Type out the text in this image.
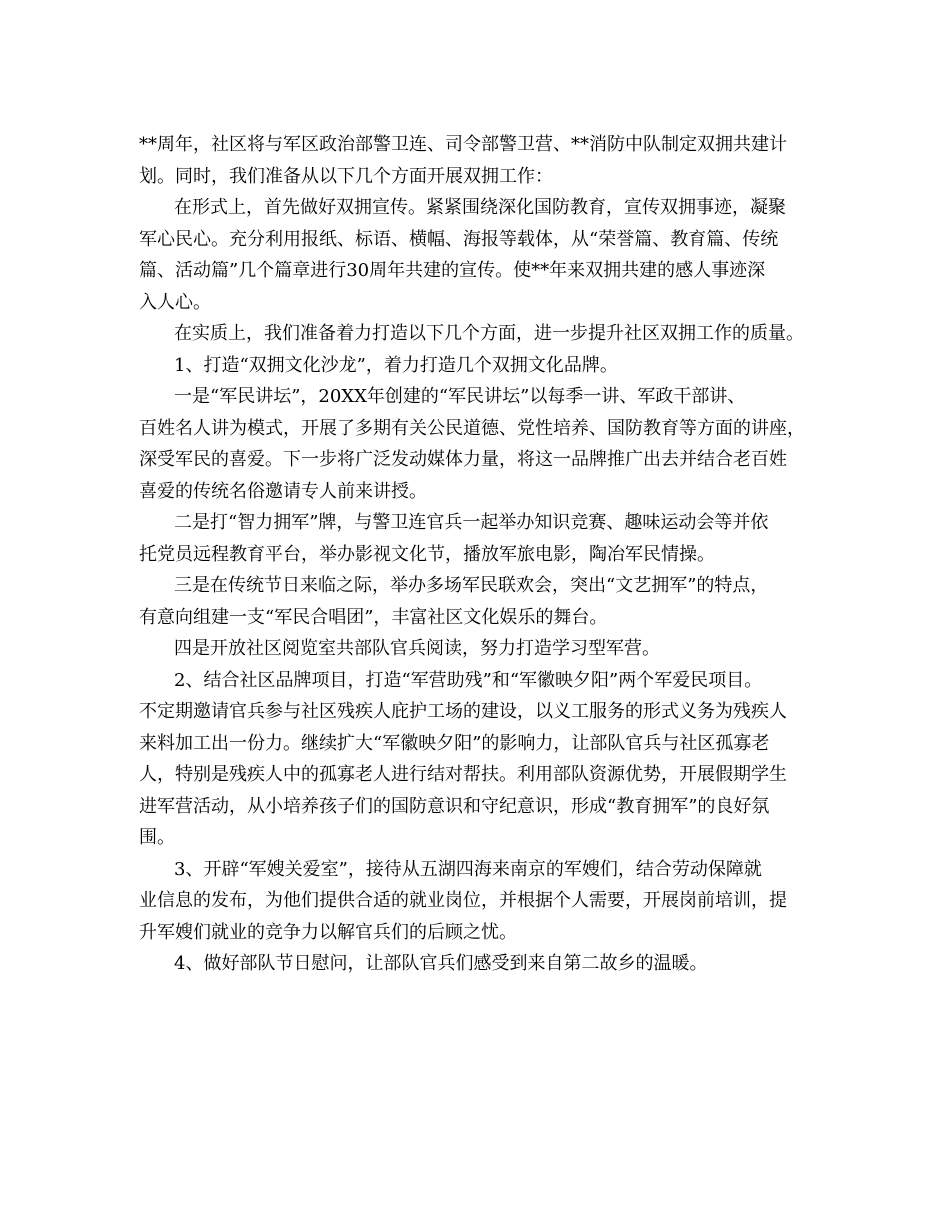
**周年，社区将与军区政治部警卫连、司令部警卫营、**消防中队制定双拥共建计
划。同时，我们准备从以下几个方面开展双拥工作：
在形式上，首先做好双拥宣传。紧紧围绕深化国防教育，宣传双拥事迹，凝聚
军心民心。充分利用报纸、标语、横幅、海报等载体，从“荣誉篇、教育篇、传统
篇、活动篇”几个篇章进行30周年共建的宣传。使**年来双拥共建的感人事迹深
入人心。
在实质上，我们准备着力打造以下几个方面，进一步提升社区双拥工作的质量。
1、打造“双拥文化沙龙”，着力打造几个双拥文化品牌。
一是“军民讲坛”，20XX年创建的“军民讲坛”以每季一讲、军政干部讲、
百姓名人讲为模式，开展了多期有关公民道德、党性培养、国防教育等方面的讲座，
深受军民的喜爱。下一步将广泛发动媒体力量，将这一品牌推广出去并结合老百姓
喜爱的传统名俗邀请专人前来讲授。
二是打“智力拥军”牌，与警卫连官兵一起举办知识竞赛、趣味运动会等并依
托党员远程教育平台，举办影视文化节，播放军旅电影，陶冶军民情操。
三是在传统节日来临之际，举办多场军民联欢会，突出“文艺拥军”的特点，
有意向组建一支“军民合唱团”，丰富社区文化娱乐的舞台。
四是开放社区阅览室共部队官兵阅读，努力打造学习型军营。
2、结合社区品牌项目，打造“军营助残”和“军徽映夕阳”两个军爱民项目。
不定期邀请官兵参与社区残疾人庇护工场的建设，以义工服务的形式义务为残疾人
来料加工出一份力。继续扩大“军徽映夕阳”的影响力，让部队官兵与社区孤寡老
人，特别是残疾人中的孤寡老人进行结对帮扶。利用部队资源优势，开展假期学生
进军营活动，从小培养孩子们的国防意识和守纪意识，形成“教育拥军”的良好氛
围。
3、开辟“军嫂关爱室”，接待从五湖四海来南京的军嫂们，结合劳动保障就
业信息的发布，为他们提供合适的就业岗位，并根据个人需要，开展岗前培训，提
升军嫂们就业的竞争力以解官兵们的后顾之忧。
4、做好部队节日慰问，让部队官兵们感受到来自第二故乡的温暖。
